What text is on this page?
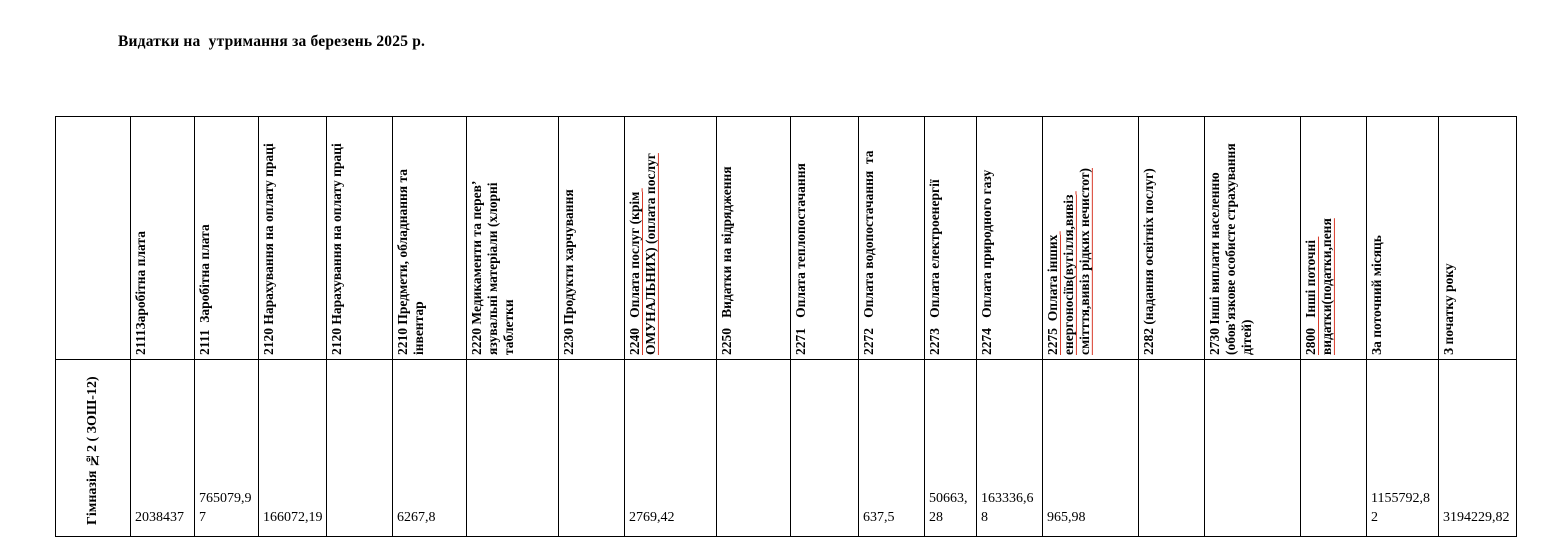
Видатки на  утримання за березень 2025 р.

	2111Заробітна плата	2111  Заробітна плата	2120 Нарахування на оплату праці	2120 Нарахування на оплату праці	2210 Предмети, обладнання та інвентар	2220 Медикаменти та перев’ язувальні матеріали (хлорні таблетки	2230 Продукти харчування	2240   Оплата послуг (крім ОМУНАЛЬНИХ) (оплата послуг	2250   Видатки на відрядження	2271   Оплата теплопостачання	2272   Оплата водопостачання  та	2273   Оплата електроенергії	2274   Оплата природного газу	2275  Оплата інших енергоносіїв(вугілля,вивіз смітття,вивіз рідких нечистот)	2282 (надання освітніх послуг)	2730 Інші виплати населенню (обов'язкове особисте страхування дітей)	2800   Інші поточні видатки(податки,пеня	За поточний місяць	З початку року

Гімназія №2 ( ЗОШ-12)	2038437	765079,97	166072,19		6267,8			2769,42			637,5	50663,28	163336,68	965,98				1155792,82	3194229,82
